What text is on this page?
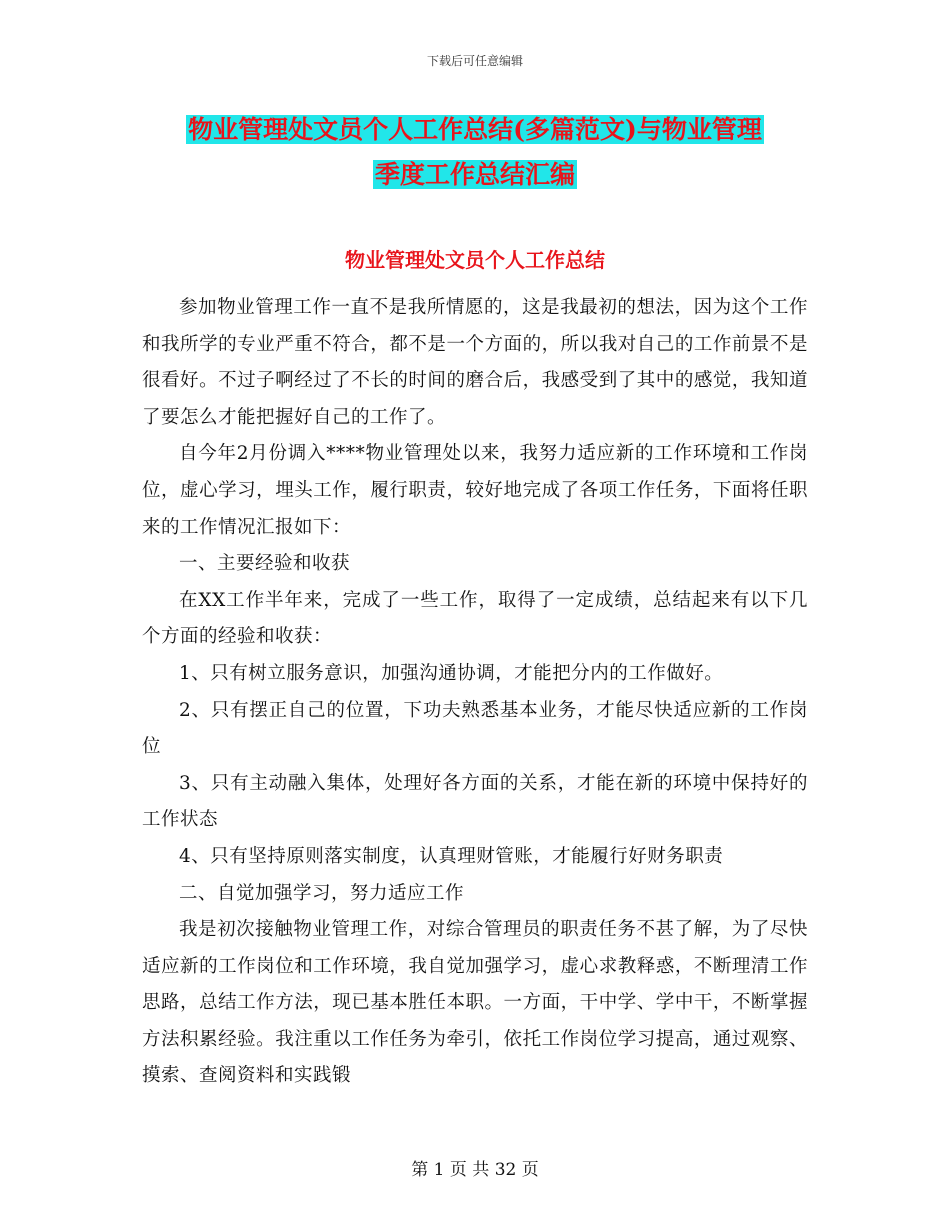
下载后可任意编辑
物业管理处文员个人工作总结(多篇范文)与物业管理
季度工作总结汇编
物业管理处文员个人工作总结

参加物业管理工作一直不是我所情愿的，这是我最初的想法，因为这个工作和我所学的专业严重不符合，都不是一个方面的，所以我对自己的工作前景不是很看好。不过子啊经过了不长的时间的磨合后，我感受到了其中的感觉，我知道了要怎么才能把握好自己的工作了。

自今年2月份调入****物业管理处以来，我努力适应新的工作环境和工作岗位，虚心学习，埋头工作，履行职责，较好地完成了各项工作任务，下面将任职来的工作情况汇报如下：

一、主要经验和收获

在XX工作半年来，完成了一些工作，取得了一定成绩，总结起来有以下几个方面的经验和收获：

1、只有树立服务意识，加强沟通协调，才能把分内的工作做好。

2、只有摆正自己的位置，下功夫熟悉基本业务，才能尽快适应新的工作岗位

3、只有主动融入集体，处理好各方面的关系，才能在新的环境中保持好的工作状态

4、只有坚持原则落实制度，认真理财管账，才能履行好财务职责

二、自觉加强学习，努力适应工作

我是初次接触物业管理工作，对综合管理员的职责任务不甚了解，为了尽快适应新的工作岗位和工作环境，我自觉加强学习，虚心求教释惑，不断理清工作思路，总结工作方法，现已基本胜任本职。一方面，干中学、学中干，不断掌握方法积累经验。我注重以工作任务为牵引，依托工作岗位学习提高，通过观察、摸索、查阅资料和实践锻

第 1 页 共 32 页
